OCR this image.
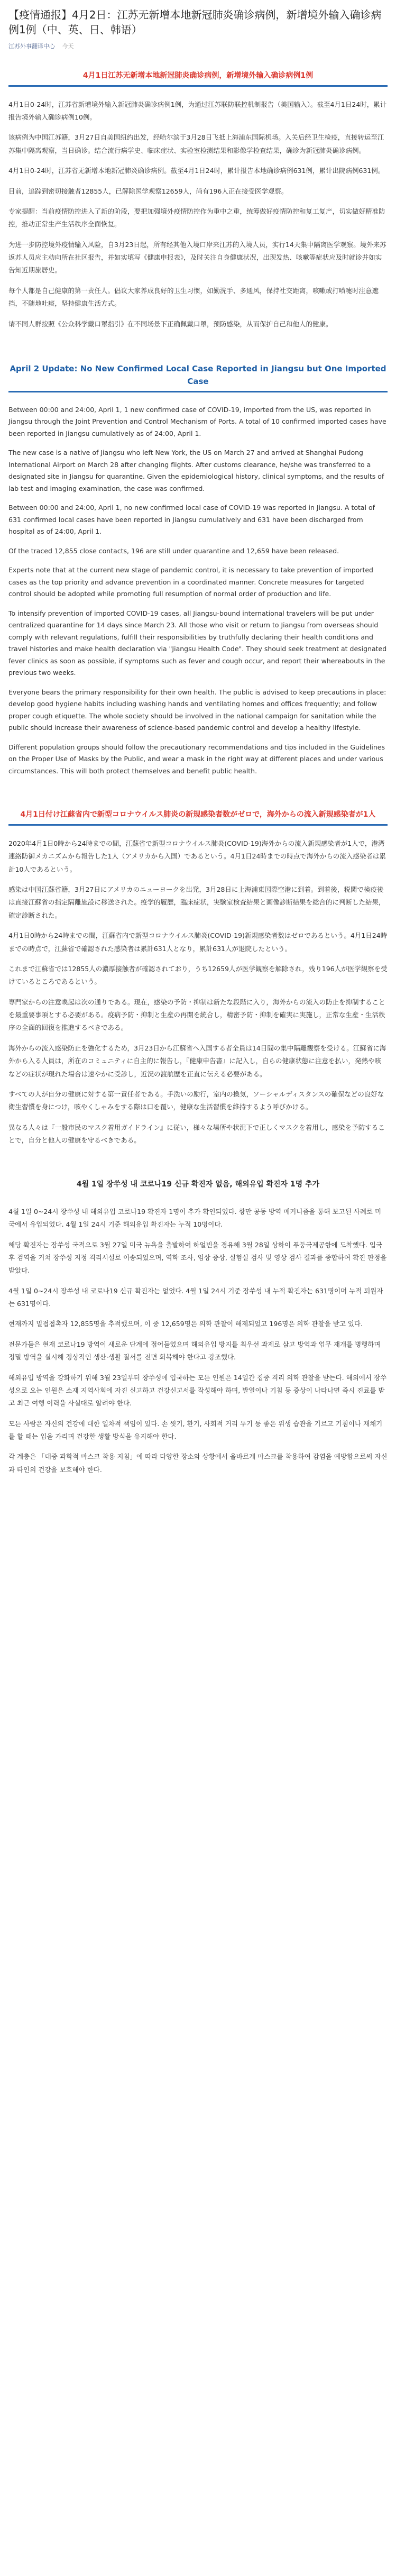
【疫情通报】4月2日：江苏无新增本地新冠肺炎确诊病例，新增境外输入确诊病例1例（中、英、日、韩语）
江苏外事翻译中心 今天
4月1日江苏无新增本地新冠肺炎确诊病例，新增境外输入确诊病例1例

4月1日0-24时，江苏省新增境外输入新冠肺炎确诊病例1例，为通过江苏联防联控机制报告（美国输入）。截至4月1日24时，累计报告境外输入确诊病例10例。

该病例为中国江苏籍，3月27日自美国纽约出发，经哈尔滨于3月28日飞抵上海浦东国际机场。入关后经卫生检疫，直接转运至江苏集中隔离观察，当日确诊。结合流行病学史、临床症状、实验室检测结果和影像学检查结果，确诊为新冠肺炎确诊病例。

4月1日0-24时，江苏省无新增本地新冠肺炎确诊病例。截至4月1日24时，累计报告本地确诊病例631例，累计出院病例631例。

目前，追踪到密切接触者12855人，已解除医学观察12659人，尚有196人正在接受医学观察。

专家提醒：当前疫情防控进入了新的阶段，要把加强境外疫情防控作为重中之重，统筹做好疫情防控和复工复产，切实做好精准防控，推动正常生产生活秩序全面恢复。

为进一步防控境外疫情输入风险，自3月23日起，所有经其他入境口岸来江苏的入境人员，实行14天集中隔离医学观察。境外来苏返苏人员应主动向所在社区报告，并如实填写《健康申报表》，及时关注自身健康状况，出现发热、咳嗽等症状应及时就诊并如实告知近期旅居史。

每个人都是自己健康的第一责任人。倡议大家养成良好的卫生习惯，如勤洗手、多通风，保持社交距离，咳嗽或打喷嚏时注意遮挡，不随地吐痰，坚持健康生活方式。

请不同人群按照《公众科学戴口罩指引》在不同场景下正确佩戴口罩，预防感染，从而保护自己和他人的健康。

April 2 Update: No New Confirmed Local Case Reported in Jiangsu but One Imported Case

Between 00:00 and 24:00, April 1, 1 new confirmed case of COVID-19, imported from the US, was reported in Jiangsu through the Joint Prevention and Control Mechanism of Ports. A total of 10 confirmed imported cases have been reported in Jiangsu cumulatively as of 24:00, April 1.

The new case is a native of Jiangsu who left New York, the US on March 27 and arrived at Shanghai Pudong International Airport on March 28 after changing flights. After customs clearance, he/she was transferred to a designated site in Jiangsu for quarantine. Given the epidemiological history, clinical symptoms, and the results of lab test and imaging examination, the case was confirmed.

Between 00:00 and 24:00, April 1, no new confirmed local case of COVID-19 was reported in Jiangsu. A total of 631 confirmed local cases have been reported in Jiangsu cumulatively and 631 have been discharged from hospital as of 24:00, April 1.

Of the traced 12,855 close contacts, 196 are still under quarantine and 12,659 have been released.

Experts note that at the current new stage of pandemic control, it is necessary to take prevention of imported cases as the top priority and advance prevention in a coordinated manner. Concrete measures for targeted control should be adopted while promoting full resumption of normal order of production and life.

To intensify prevention of imported COVID-19 cases, all Jiangsu-bound international travelers will be put under centralized quarantine for 14 days since March 23. All those who visit or return to Jiangsu from overseas should comply with relevant regulations, fulfill their responsibilities by truthfully declaring their health conditions and travel histories and make health declaration via "Jiangsu Health Code". They should seek treatment at designated fever clinics as soon as possible, if symptoms such as fever and cough occur, and report their whereabouts in the previous two weeks.

Everyone bears the primary responsibility for their own health. The public is advised to keep precautions in place: develop good hygiene habits including washing hands and ventilating homes and offices frequently; and follow proper cough etiquette. The whole society should be involved in the national campaign for sanitation while the public should increase their awareness of science-based pandemic control and develop a healthy lifestyle.

Different population groups should follow the precautionary recommendations and tips included in the Guidelines on the Proper Use of Masks by the Public, and wear a mask in the right way at different places and under various circumstances. This will both protect themselves and benefit public health.

4月1日付け江蘇省内で新型コロナウイルス肺炎の新規感染者数がゼロで，海外からの流入新規感染者が1人

2020年4月1日0時から24時までの間，江蘇省で新型コロナウイルス肺炎(COVID-19)海外からの流入新規感染者が1人で，港湾連絡防御メカニズムから報告した1人（アメリカから入国）であるという。4月1日24時までの時点で海外からの流入感染者は累計10人であるという。

感染は中国江蘇省籍，3月27日にアメリカのニューヨークを出発，3月28日に上海浦東国際空港に到着。到着後，税関で検疫後は直接江蘇省の指定隔離施設に移送された。疫学的履歴，臨床症状，実験室検査結果と画像診断結果を総合的に判断した結果，確定診断された。

4月1日0時から24時までの間，江蘇省内で新型コロナウイルス肺炎(COVID-19)新規感染者数はゼロであるという。4月1日24時までの時点で，江蘇省で確認された感染者は累計631人となり，累計631人が退院したという。

これまで江蘇省では12855人の濃厚接触者が確認されており，うち12659人が医学観察を解除され，残り196人が医学観察を受けているところであるという。

専門家からの注意喚起は次の通りである。現在，感染の予防・抑制は新たな段階に入り，海外からの流入の防止を抑制することを最重要事項とする必要がある。疫病予防・抑制と生産の再開を統合し，精密予防・抑制を確実に実施し，正常な生産・生活秩序の全面的回復を推進するべきである。

海外からの流入感染防止を強化するため，3月23日から江蘇省へ入国する者全員は14日間の集中隔離観察を受ける。江蘇省に海外から入る人員は，所在のコミュニティに自主的に報告し，『健康申告書』に記入し，自らの健康状態に注意を払い，発熱や咳などの症状が現れた場合は速やかに受診し，近況の渡航歴を正直に伝える必要がある。

すべての人が自分の健康に対する第一責任者である。手洗いの励行，室内の換気，ソーシャルディスタンスの確保などの良好な衛生習慣を身につけ，咳やくしゃみをする際は口を覆い，健康な生活習慣を維持するよう呼びかける。

異なる人々は『一般市民のマスク着用ガイドライン』に従い，様々な場所や状況下で正しくマスクを着用し，感染を予防することで，自分と他人の健康を守るべきである。

4월 1일 장쑤성 내 코로나19 신규 확진자 없음, 해외유입 확진자 1명 추가

4월 1일 0~24시 장쑤성 내 해외유입 코로나19 확진자 1명이 추가 확인되었다. 항만 공동 방역 메커니즘을 통해 보고된 사례로 미국에서 유입되었다. 4월 1일 24시 기준 해외유입 확진자는 누적 10명이다.

해당 확진자는 장쑤성 국적으로 3월 27일 미국 뉴욕을 출발하여 하얼빈을 경유해 3월 28일 상하이 푸둥국제공항에 도착했다. 입국 후 검역을 거쳐 장쑤성 지정 격리시설로 이송되었으며, 역학 조사, 임상 증상, 실험실 검사 및 영상 검사 결과를 종합하여 확진 판정을 받았다.

4월 1일 0~24시 장쑤성 내 코로나19 신규 확진자는 없었다. 4월 1일 24시 기준 장쑤성 내 누적 확진자는 631명이며 누적 퇴원자는 631명이다.

현재까지 밀접접촉자 12,855명을 추적했으며, 이 중 12,659명은 의학 관찰이 해제되었고 196명은 의학 관찰을 받고 있다.

전문가들은 현재 코로나19 방역이 새로운 단계에 접어들었으며 해외유입 방지를 최우선 과제로 삼고 방역과 업무 재개를 병행하며 정밀 방역을 실시해 정상적인 생산·생활 질서를 전면 회복해야 한다고 강조했다.

해외유입 방역을 강화하기 위해 3월 23일부터 장쑤성에 입국하는 모든 인원은 14일간 집중 격리 의학 관찰을 받는다. 해외에서 장쑤성으로 오는 인원은 소재 지역사회에 자진 신고하고 건강신고서를 작성해야 하며, 발열이나 기침 등 증상이 나타나면 즉시 진료를 받고 최근 여행 이력을 사실대로 알려야 한다.

모든 사람은 자신의 건강에 대한 일차적 책임이 있다. 손 씻기, 환기, 사회적 거리 두기 등 좋은 위생 습관을 기르고 기침이나 재채기를 할 때는 입을 가리며 건강한 생활 방식을 유지해야 한다.

각 계층은 「대중 과학적 마스크 착용 지침」에 따라 다양한 장소와 상황에서 올바르게 마스크를 착용하여 감염을 예방함으로써 자신과 타인의 건강을 보호해야 한다.
